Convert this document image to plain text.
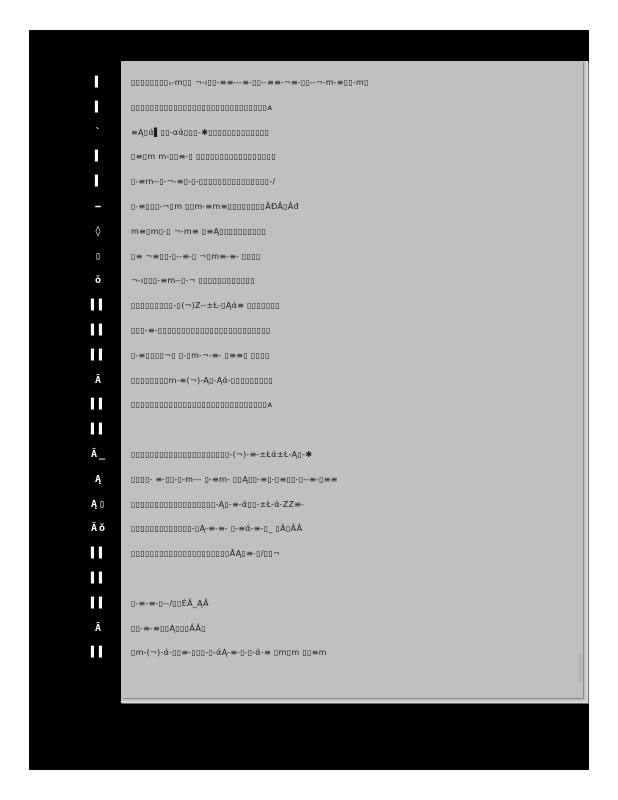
▌	▯▯▯▯▯▯▯▯ₛ ̵m▯▯ ¬ ̵ı▯▯ ̵≡≡ ̵ ̵ ̵≡ ̵▯▯ ̵ ̵≡≡ ̵¬≡ ̵▯▯ ̵ ̵¬ ̵m ̵≡▯▯ ̵m▯
▌	▯▯▯▯▯▯▯▯▯▯▯▯▯▯▯▯▯▯▯▯▯▯▯▯▯▯▯▯▯ᴀ
`	≡Ą▯ά▌▯▯ ̵αά▯▯▯-✱▯▯▯▯▯▯▯▯▯▯▯▯▯
▌	▯≡▯m m ̵▯▯≡ ̵▯ ▯▯▯▯▯▯▯▯▯▯▯▯▯▯▯▯▯
▌	▯ ̵≡m ̵ ̵▯ ̵¬ ̵≡▯ ̵▯ ̵▯▯▯▯▯▯▯▯▯▯▯▯▯▯▯-/
⎯	▯ ̵≡▯▯▯ ̵¬▯m ▯▯m ̵≡m≡▯▯▯▯▯▯▯▯ÂĐÂ▯Âđ
◊	m≡▯m▯ ̵▯ ¬ ̵m≡ ▯≡Ą▯▯▯▯▯▯▯▯▯▯
▯	▯≡ ¬≡▯▯ ̵▯ ̵ ̵≡ ̵▯ ¬▯m≡ ̵≡ ̵ ▯▯▯▯
ō	¬ ̵ı▯▯▯ ̵≡m ̵ ̵▯ ̵¬ ▯▯▯▯▯▯▯▯▯▯▯▯
▌▌	▯▯▯▯▯▯▯▯▯-▯(¬)Ζ ̵ ̵±Ł ̵▯Ąά≡ ▯▯▯▯▯▯▯
▌▌	▯▯▯ ̵≡ ̵▯▯▯▯▯▯▯▯▯▯▯▯▯▯▯▯▯▯▯▯▯▯▯▯
▌▌	▯ ̵≡▯▯▯▯¬▯ ▯ ̵▯m ̵¬ ̵≡ ̵ ▯≡≡▯ ▯▯▯▯
Â	▯▯▯▯▯▯▯▯m ̵≡(¬)-Ą▯ ̵Ąά ̵▯▯▯▯▯▯▯▯▯
▌▌	▯▯▯▯▯▯▯▯▯▯▯▯▯▯▯▯▯▯▯▯▯▯▯▯▯▯▯▯▯ᴀ
▌▌
Ă_	▯▯▯▯▯▯▯▯▯▯▯▯▯▯▯▯▯▯▯▯▯ ̵(¬)-≡ ̵±Łά±Ł-Ą▯-✱
Ą	▯▯▯▯ ̵ ≡ ̵▯▯ ̵▯ ̵m ̵ ̵ ̵ ▯ ̵≡m ̵ ▯▯Ą▯▯ ̵≡▯ ̵▯≡▯▯ ̵▯ ̵ ̵≡ ̵▯≡≡
Ą▯	▯▯▯▯▯▯▯▯▯▯▯▯▯▯▯▯▯▯-Ą▯ ̵≡ ̵ά▯▯ ̵±Ł ̵ά ̵ΖΖ≡ ̵
Ăŏ	▯▯▯▯▯▯▯▯▯▯▯▯▯ ̵▯Ą ̵≡ ̵≡ ̵ ▯ ̵≡ά ̵≡ ̵▯_ ▯Â▯ÂÂ
▌▌	▯▯▯▯▯▯▯▯▯▯▯▯▯▯▯▯▯▯▯▯▯ĂĄ▯≡ ̵▯/▯▯¬
▌▌
▌▌	▯ ̵≡-≡ ̵▯ ̵-/▯▯ĖĂ_ĄĂ
Â	▯▯ ̵≡ ̵≡▯▯Ą▯▯▯ÂĂ▯
▌▌	▯m ̵(¬)-ά ̵▯▯≡ ̵▯▯▯-▯ ̵άĄ ̵≡ ̵▯ ̵▯ ̵ά-≡ ▯m▯m ▯▯≡m
